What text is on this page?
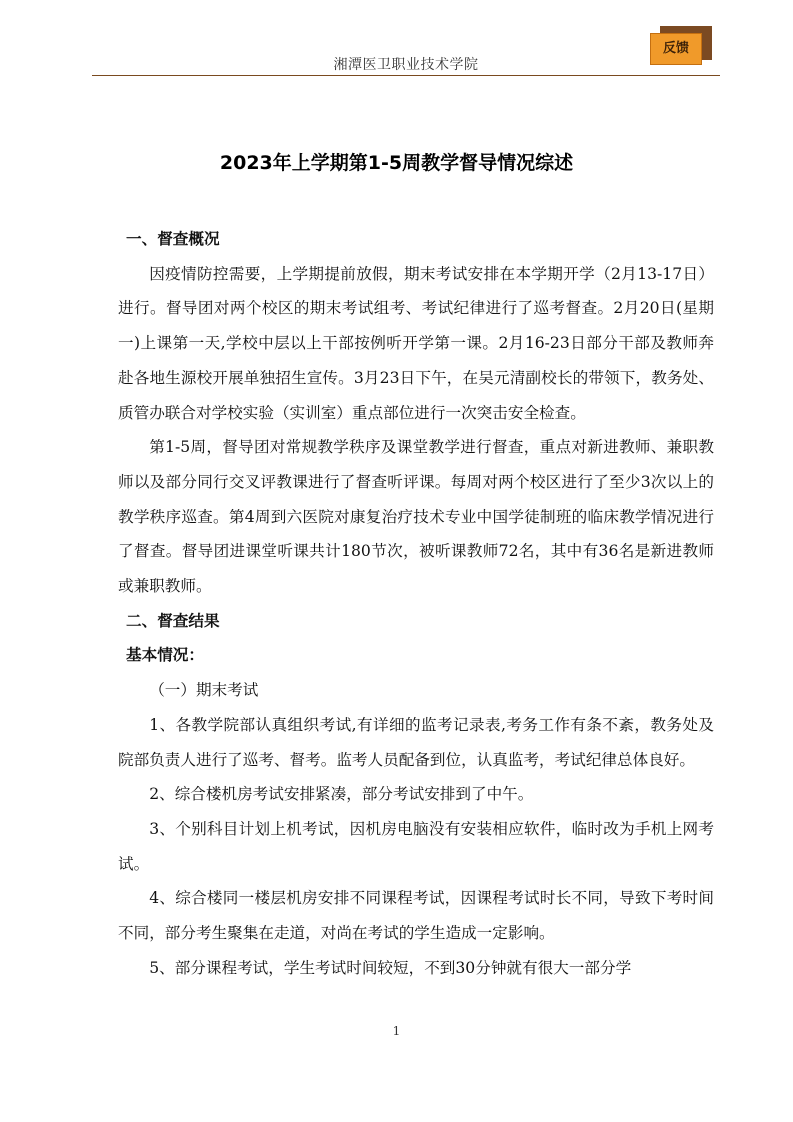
湘潭医卫职业技术学院
反馈
2023年上学期第1-5周教学督导情况综述

一、督查概况

因疫情防控需要，上学期提前放假，期末考试安排在本学期开学（2月13-17日）进行。督导团对两个校区的期末考试组考、考试纪律进行了巡考督查。2月20日(星期一)上课第一天,学校中层以上干部按例听开学第一课。2月16-23日部分干部及教师奔赴各地生源校开展单独招生宣传。3月23日下午，在吴元清副校长的带领下，教务处、质管办联合对学校实验（实训室）重点部位进行一次突击安全检查。

第1-5周，督导团对常规教学秩序及课堂教学进行督查，重点对新进教师、兼职教师以及部分同行交叉评教课进行了督查听评课。每周对两个校区进行了至少3次以上的教学秩序巡查。第4周到六医院对康复治疗技术专业中国学徒制班的临床教学情况进行了督查。督导团进课堂听课共计180节次，被听课教师72名，其中有36名是新进教师或兼职教师。

二、督查结果

基本情况：

（一）期末考试

1、各教学院部认真组织考试,有详细的监考记录表,考务工作有条不紊，教务处及院部负责人进行了巡考、督考。监考人员配备到位，认真监考，考试纪律总体良好。

2、综合楼机房考试安排紧凑，部分考试安排到了中午。

3、个别科目计划上机考试，因机房电脑没有安装相应软件，临时改为手机上网考试。

4、综合楼同一楼层机房安排不同课程考试，因课程考试时长不同，导致下考时间不同，部分考生聚集在走道，对尚在考试的学生造成一定影响。

5、部分课程考试，学生考试时间较短，不到30分钟就有很大一部分学

1
